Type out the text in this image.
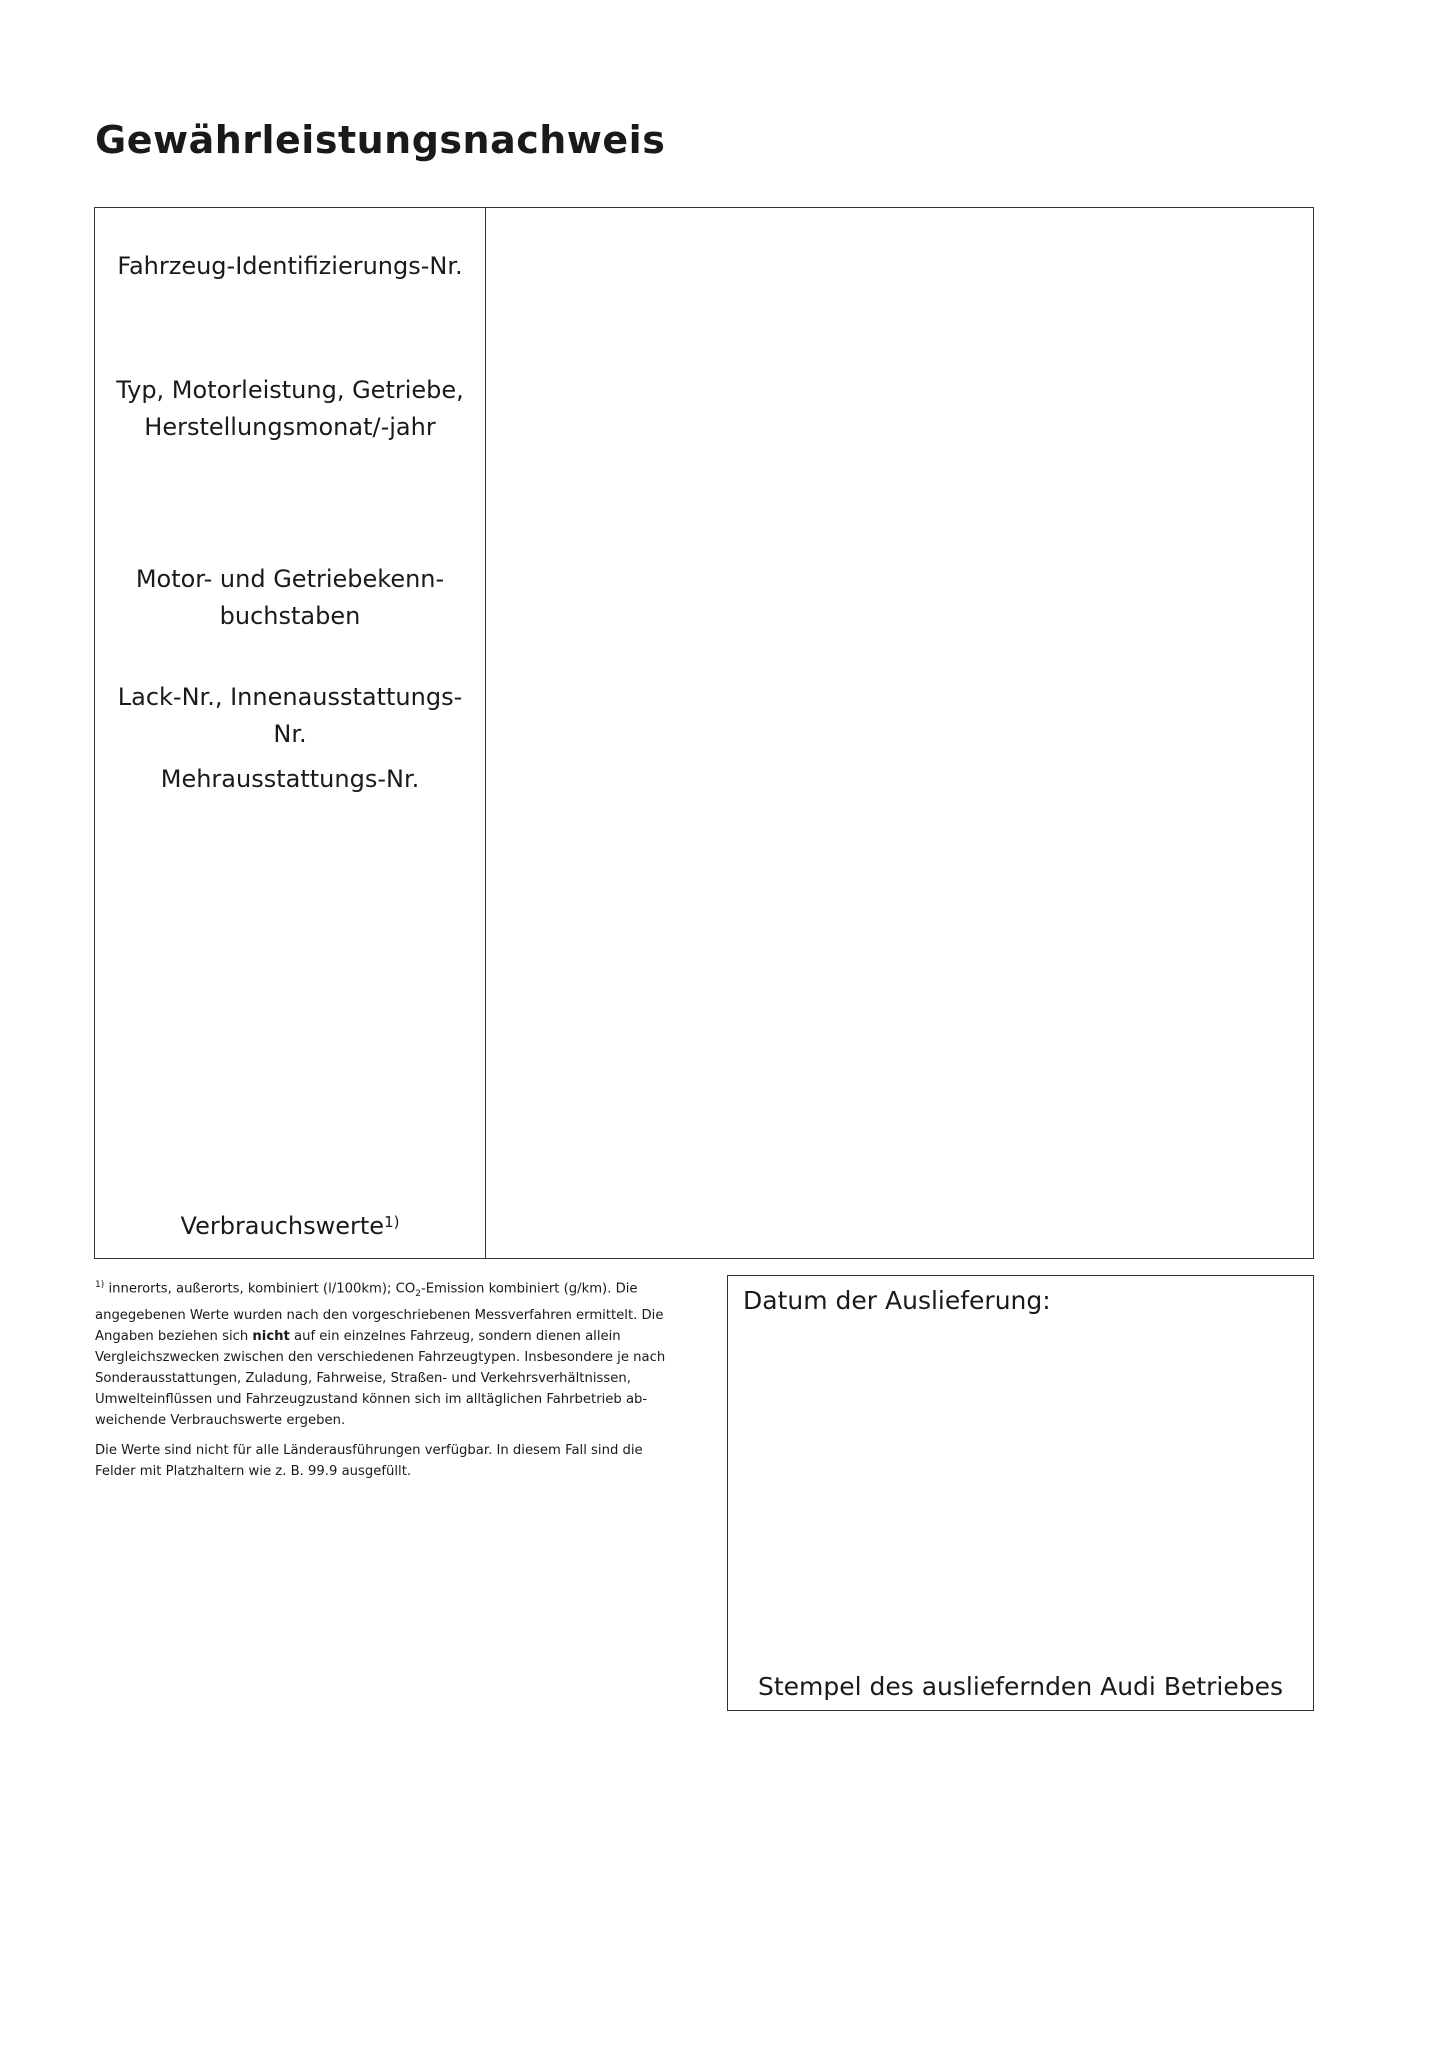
Gewährleistungsnachweis
Fahrzeug-Identifizierungs-Nr.
Typ, Motorleistung, Getriebe,
Herstellungsmonat/-jahr
Motor- und Getriebekenn-
buchstaben
Lack-Nr., Innenausstattungs-
Nr.
Mehrausstattungs-Nr.
Verbrauchswerte$^{1)}$

$^{1)}$ innerorts, außerorts, kombiniert (l/100km); $CO_2$-Emission kombiniert (g/km). Die angegebenen Werte wurden nach den vorgeschriebenen Messverfahren ermittelt. Die Angaben beziehen sich nicht auf ein einzelnes Fahrzeug, sondern dienen allein Vergleichszwecken zwischen den verschiedenen Fahrzeugtypen. Insbesondere je nach Sonderausstattungen, Zuladung, Fahrweise, Straßen- und Verkehrsverhältnissen, Umwelteinflüssen und Fahrzeugzustand können sich im alltäglichen Fahrbetrieb ab-weichende Verbrauchswerte ergeben.

Die Werte sind nicht für alle Länderausführungen verfügbar. In diesem Fall sind die Felder mit Platzhaltern wie z. B. 99.9 ausgefüllt.

Datum der Auslieferung:
Stempel des ausliefernden Audi Betriebes
